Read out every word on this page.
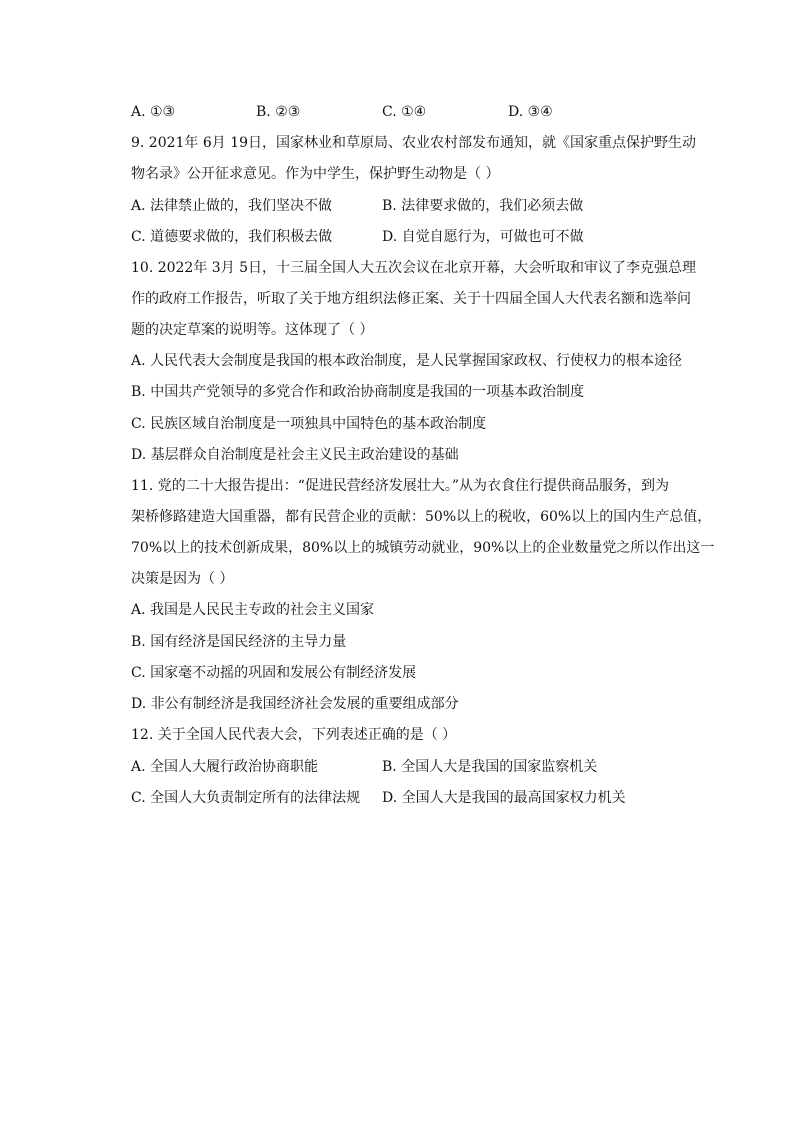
A. ①③	B. ②③	C. ①④	D. ③④
9. 2021年 6月 19日，国家林业和草原局、农业农村部发布通知，就《国家重点保护野生动
物名录》公开征求意见。作为中学生，保护野生动物是（ ）
A. 法律禁止做的，我们坚决不做	B. 法律要求做的，我们必须去做
C. 道德要求做的，我们积极去做	D. 自觉自愿行为，可做也可不做
10. 2022年 3月 5日，十三届全国人大五次会议在北京开幕，大会听取和审议了李克强总理
作的政府工作报告，听取了关于地方组织法修正案、关于十四届全国人大代表名额和选举问
题的决定草案的说明等。这体现了（ ）
A. 人民代表大会制度是我国的根本政治制度，是人民掌握国家政权、行使权力的根本途径
B. 中国共产党领导的多党合作和政治协商制度是我国的一项基本政治制度
C. 民族区域自治制度是一项独具中国特色的基本政治制度
D. 基层群众自治制度是社会主义民主政治建设的基础
11. 党的二十大报告提出：“促进民营经济发展壮大。”从为衣食住行提供商品服务，到为
架桥修路建造大国重器，都有民营企业的贡献：50%以上的税收，60%以上的国内生产总值，
70%以上的技术创新成果，80%以上的城镇劳动就业，90%以上的企业数量党之所以作出这一
决策是因为（ ）
A. 我国是人民民主专政的社会主义国家
B. 国有经济是国民经济的主导力量
C. 国家毫不动摇的巩固和发展公有制经济发展
D. 非公有制经济是我国经济社会发展的重要组成部分
12. 关于全国人民代表大会，下列表述正确的是（ ）
A. 全国人大履行政治协商职能	B. 全国人大是我国的国家监察机关
C. 全国人大负责制定所有的法律法规 D. 全国人大是我国的最高国家权力机关
